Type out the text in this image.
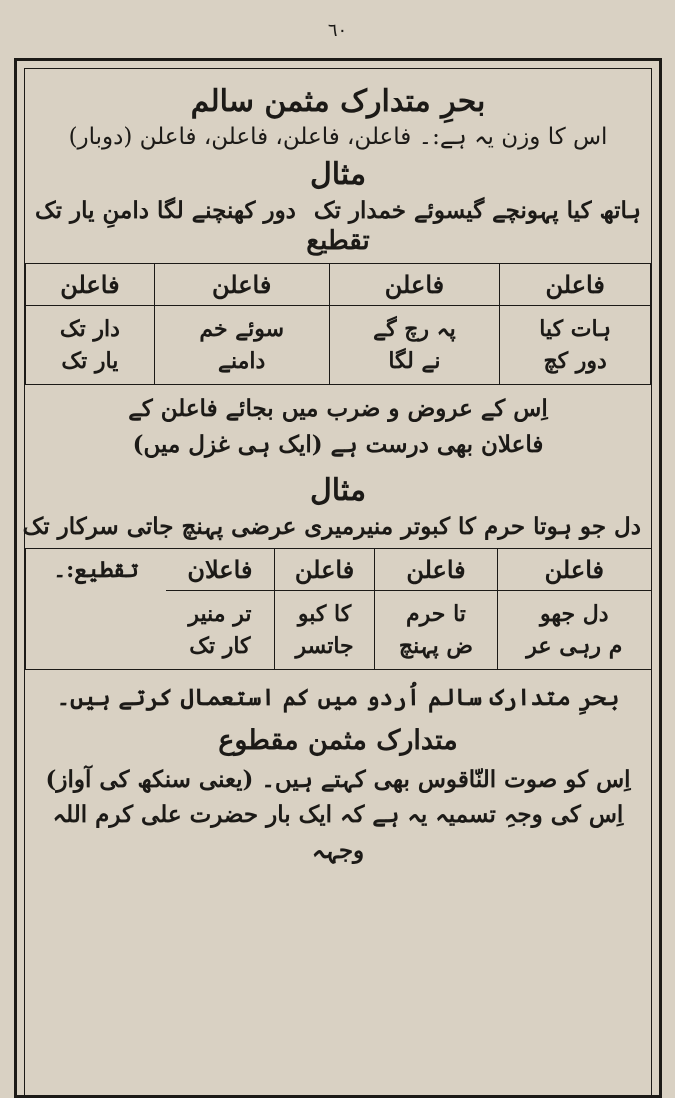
٦٠
بحرِ متدارک مثمن سالم
اس کا وزن یہ ہے:۔ فاعلن، فاعلن، فاعلن، فاعلن (دوبار)
مثال
ہاتھ کیا پہونچے گیسوئے خمدار تک
دور کھنچنے لگا دامنِ یار تک
تقطیع
فاعلن	فاعلن	فاعلن	فاعلن
ہات کیا	پہ رچ گے	سوئے خم	دار تک
دور کچ	نے لگا	دامنے	یار تک
اِس کے عروض و ضرب میں بجائے فاعلن کے
فاعلان بھی درست ہے (ایک ہی غزل میں)
مثال
دل جو ہوتا حرم کا کبوتر منیر
میری عرضی پہنچ جاتی سرکار تک
فاعلن	فاعلن	فاعلن	فاعلان
دل جھو	تا حرم	کا کبو	تر منیر
م رہی عر	ض پہنچ	جاتسر	کار تک
تقطیع:۔
بحرِ متدارک سالم اُردو میں کم استعمال کرتے ہیں۔
متدارک مثمن مقطوع
اِس کو صوت النّاقوس بھی کہتے ہیں۔ (یعنی سنکھ کی آواز)
اِس کی وجہِ تسمیہ یہ ہے کہ ایک بار حضرت علی کرم اللہ وجہہ
